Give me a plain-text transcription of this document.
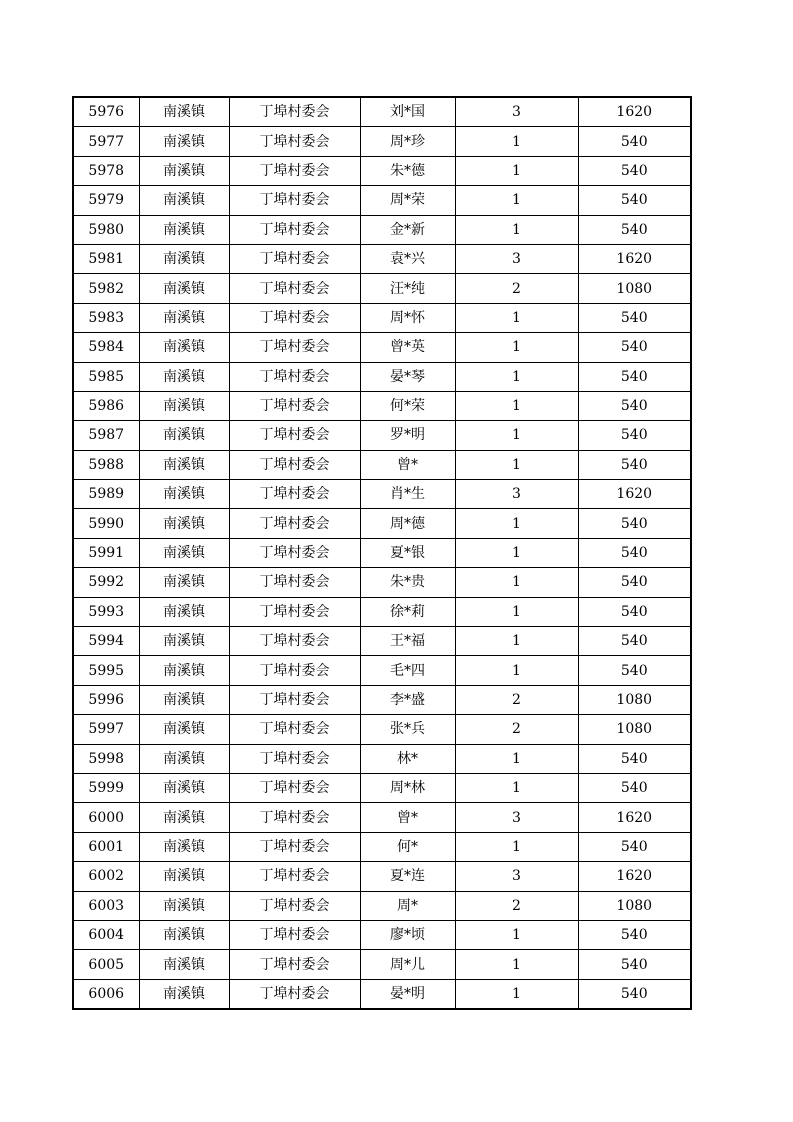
5976	南溪镇	丁埠村委会	刘*国	3	1620
5977	南溪镇	丁埠村委会	周*珍	1	540
5978	南溪镇	丁埠村委会	朱*德	1	540
5979	南溪镇	丁埠村委会	周*荣	1	540
5980	南溪镇	丁埠村委会	金*新	1	540
5981	南溪镇	丁埠村委会	袁*兴	3	1620
5982	南溪镇	丁埠村委会	汪*纯	2	1080
5983	南溪镇	丁埠村委会	周*怀	1	540
5984	南溪镇	丁埠村委会	曾*英	1	540
5985	南溪镇	丁埠村委会	晏*琴	1	540
5986	南溪镇	丁埠村委会	何*荣	1	540
5987	南溪镇	丁埠村委会	罗*明	1	540
5988	南溪镇	丁埠村委会	曾*	1	540
5989	南溪镇	丁埠村委会	肖*生	3	1620
5990	南溪镇	丁埠村委会	周*德	1	540
5991	南溪镇	丁埠村委会	夏*银	1	540
5992	南溪镇	丁埠村委会	朱*贵	1	540
5993	南溪镇	丁埠村委会	徐*莉	1	540
5994	南溪镇	丁埠村委会	王*福	1	540
5995	南溪镇	丁埠村委会	毛*四	1	540
5996	南溪镇	丁埠村委会	李*盛	2	1080
5997	南溪镇	丁埠村委会	张*兵	2	1080
5998	南溪镇	丁埠村委会	林*	1	540
5999	南溪镇	丁埠村委会	周*林	1	540
6000	南溪镇	丁埠村委会	曾*	3	1620
6001	南溪镇	丁埠村委会	何*	1	540
6002	南溪镇	丁埠村委会	夏*连	3	1620
6003	南溪镇	丁埠村委会	周*	2	1080
6004	南溪镇	丁埠村委会	廖*顷	1	540
6005	南溪镇	丁埠村委会	周*儿	1	540
6006	南溪镇	丁埠村委会	晏*明	1	540
